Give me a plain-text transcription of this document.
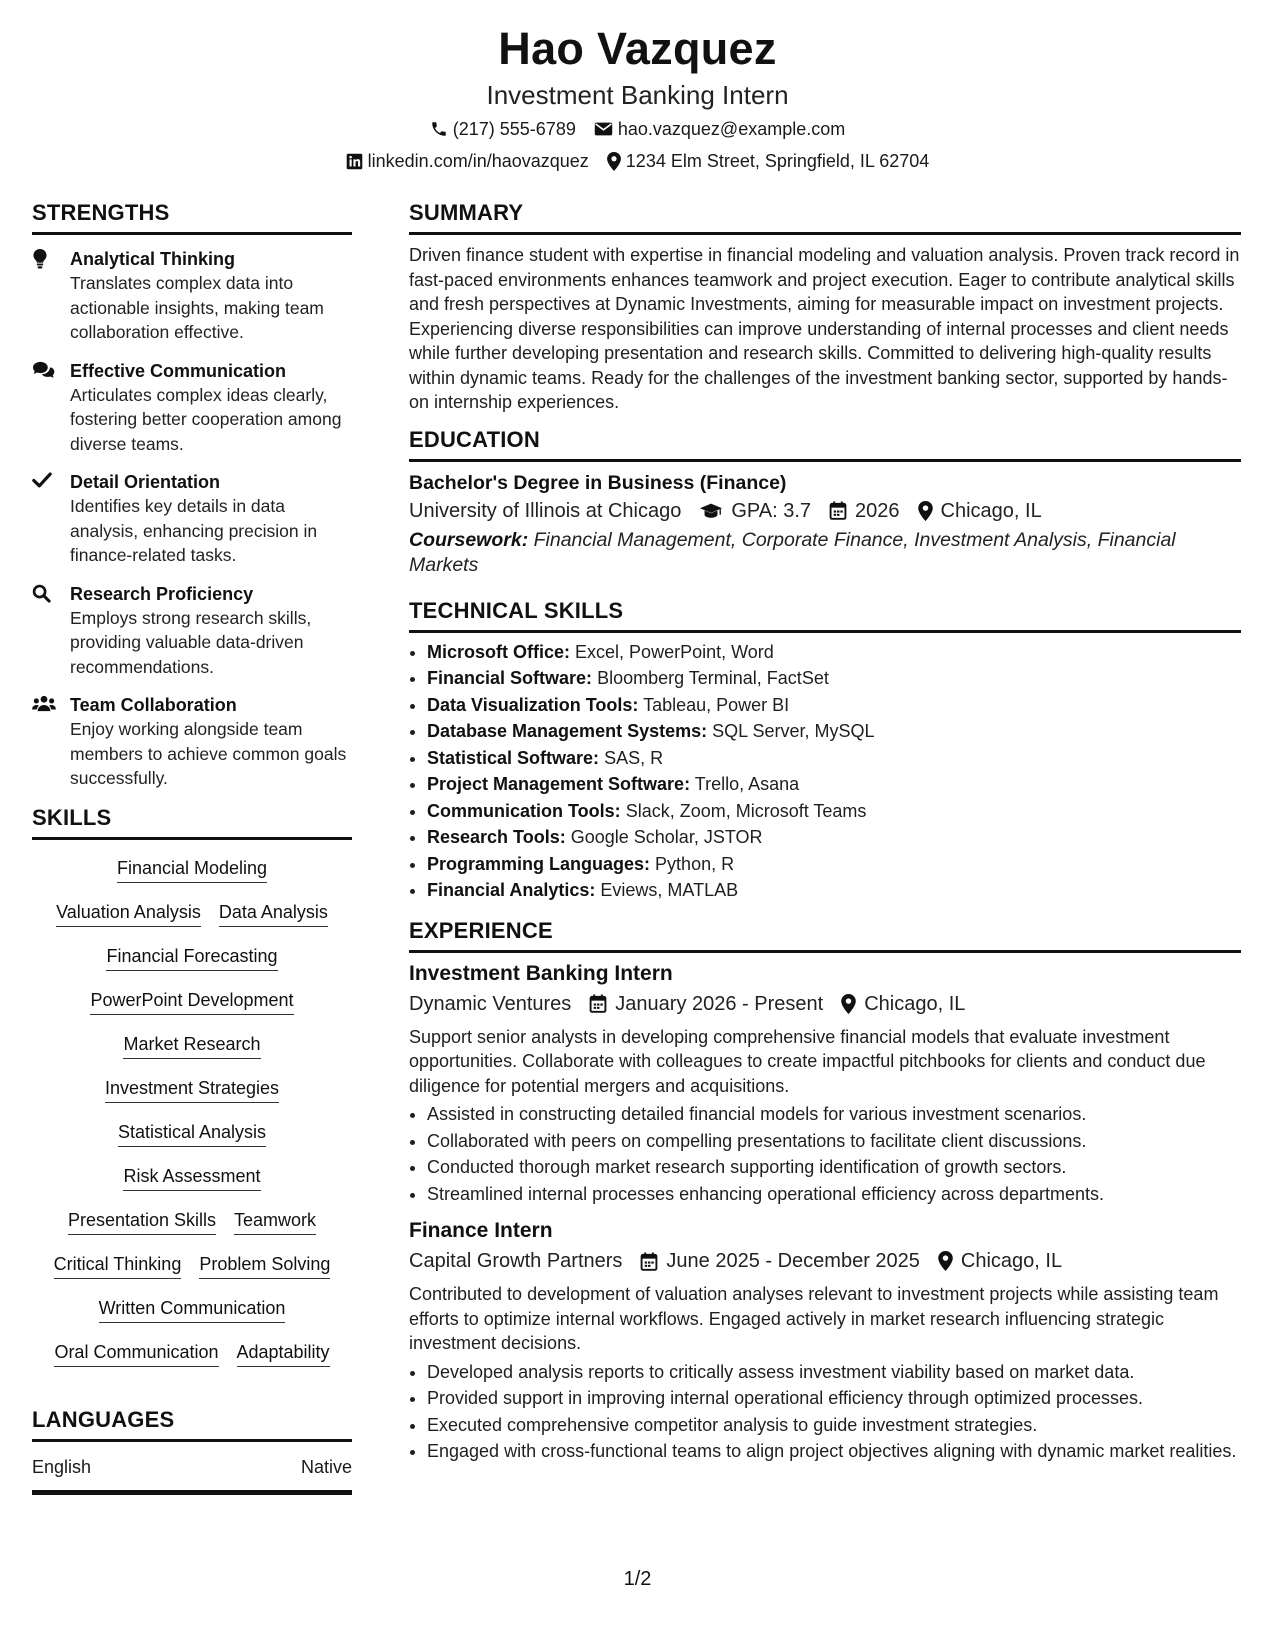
Hao Vazquez
Investment Banking Intern
(217) 555-6789 hao.vazquez@example.com
linkedin.com/in/haovazquez 1234 Elm Street, Springfield, IL 62704
STRENGTHS
Analytical Thinking
Translates complex data into actionable insights, making team collaboration effective.
Effective Communication
Articulates complex ideas clearly, fostering better cooperation among diverse teams.
Detail Orientation
Identifies key details in data analysis, enhancing precision in finance-related tasks.
Research Proficiency
Employs strong research skills, providing valuable data-driven recommendations.
Team Collaboration
Enjoy working alongside team members to achieve common goals successfully.
SKILLS
Financial Modeling
Valuation Analysis Data Analysis
Financial Forecasting
PowerPoint Development
Market Research
Investment Strategies
Statistical Analysis
Risk Assessment
Presentation Skills Teamwork
Critical Thinking Problem Solving
Written Communication
Oral Communication Adaptability
LANGUAGES
English	Native
SUMMARY
Driven finance student with expertise in financial modeling and valuation analysis. Proven track record in fast-paced environments enhances teamwork and project execution. Eager to contribute analytical skills and fresh perspectives at Dynamic Investments, aiming for measurable impact on investment projects. Experiencing diverse responsibilities can improve understanding of internal processes and client needs while further developing presentation and research skills. Committed to delivering high-quality results within dynamic teams. Ready for the challenges of the investment banking sector, supported by hands-on internship experiences.
EDUCATION
Bachelor's Degree in Business (Finance)
University of Illinois at Chicago	GPA: 3.7 2026 Chicago, IL
Coursework: Financial Management, Corporate Finance, Investment Analysis, Financial Markets
TECHNICAL SKILLS
• Microsoft Office: Excel, PowerPoint, Word
• Financial Software: Bloomberg Terminal, FactSet
• Data Visualization Tools: Tableau, Power BI
• Database Management Systems: SQL Server, MySQL
• Statistical Software: SAS, R
• Project Management Software: Trello, Asana
• Communication Tools: Slack, Zoom, Microsoft Teams
• Research Tools: Google Scholar, JSTOR
• Programming Languages: Python, R
• Financial Analytics: Eviews, MATLAB
EXPERIENCE
Investment Banking Intern
Dynamic Ventures January 2026 - Present Chicago, IL
Support senior analysts in developing comprehensive financial models that evaluate investment opportunities. Collaborate with colleagues to create impactful pitchbooks for clients and conduct due diligence for potential mergers and acquisitions.
• Assisted in constructing detailed financial models for various investment scenarios.
• Collaborated with peers on compelling presentations to facilitate client discussions.
• Conducted thorough market research supporting identification of growth sectors.
• Streamlined internal processes enhancing operational efficiency across departments.
Finance Intern
Capital Growth Partners June 2025 - December 2025 Chicago, IL
Contributed to development of valuation analyses relevant to investment projects while assisting team efforts to optimize internal workflows. Engaged actively in market research influencing strategic investment decisions.
• Developed analysis reports to critically assess investment viability based on market data.
• Provided support in improving internal operational efficiency through optimized processes.
• Executed comprehensive competitor analysis to guide investment strategies.
• Engaged with cross-functional teams to align project objectives aligning with dynamic market realities.
1/2
